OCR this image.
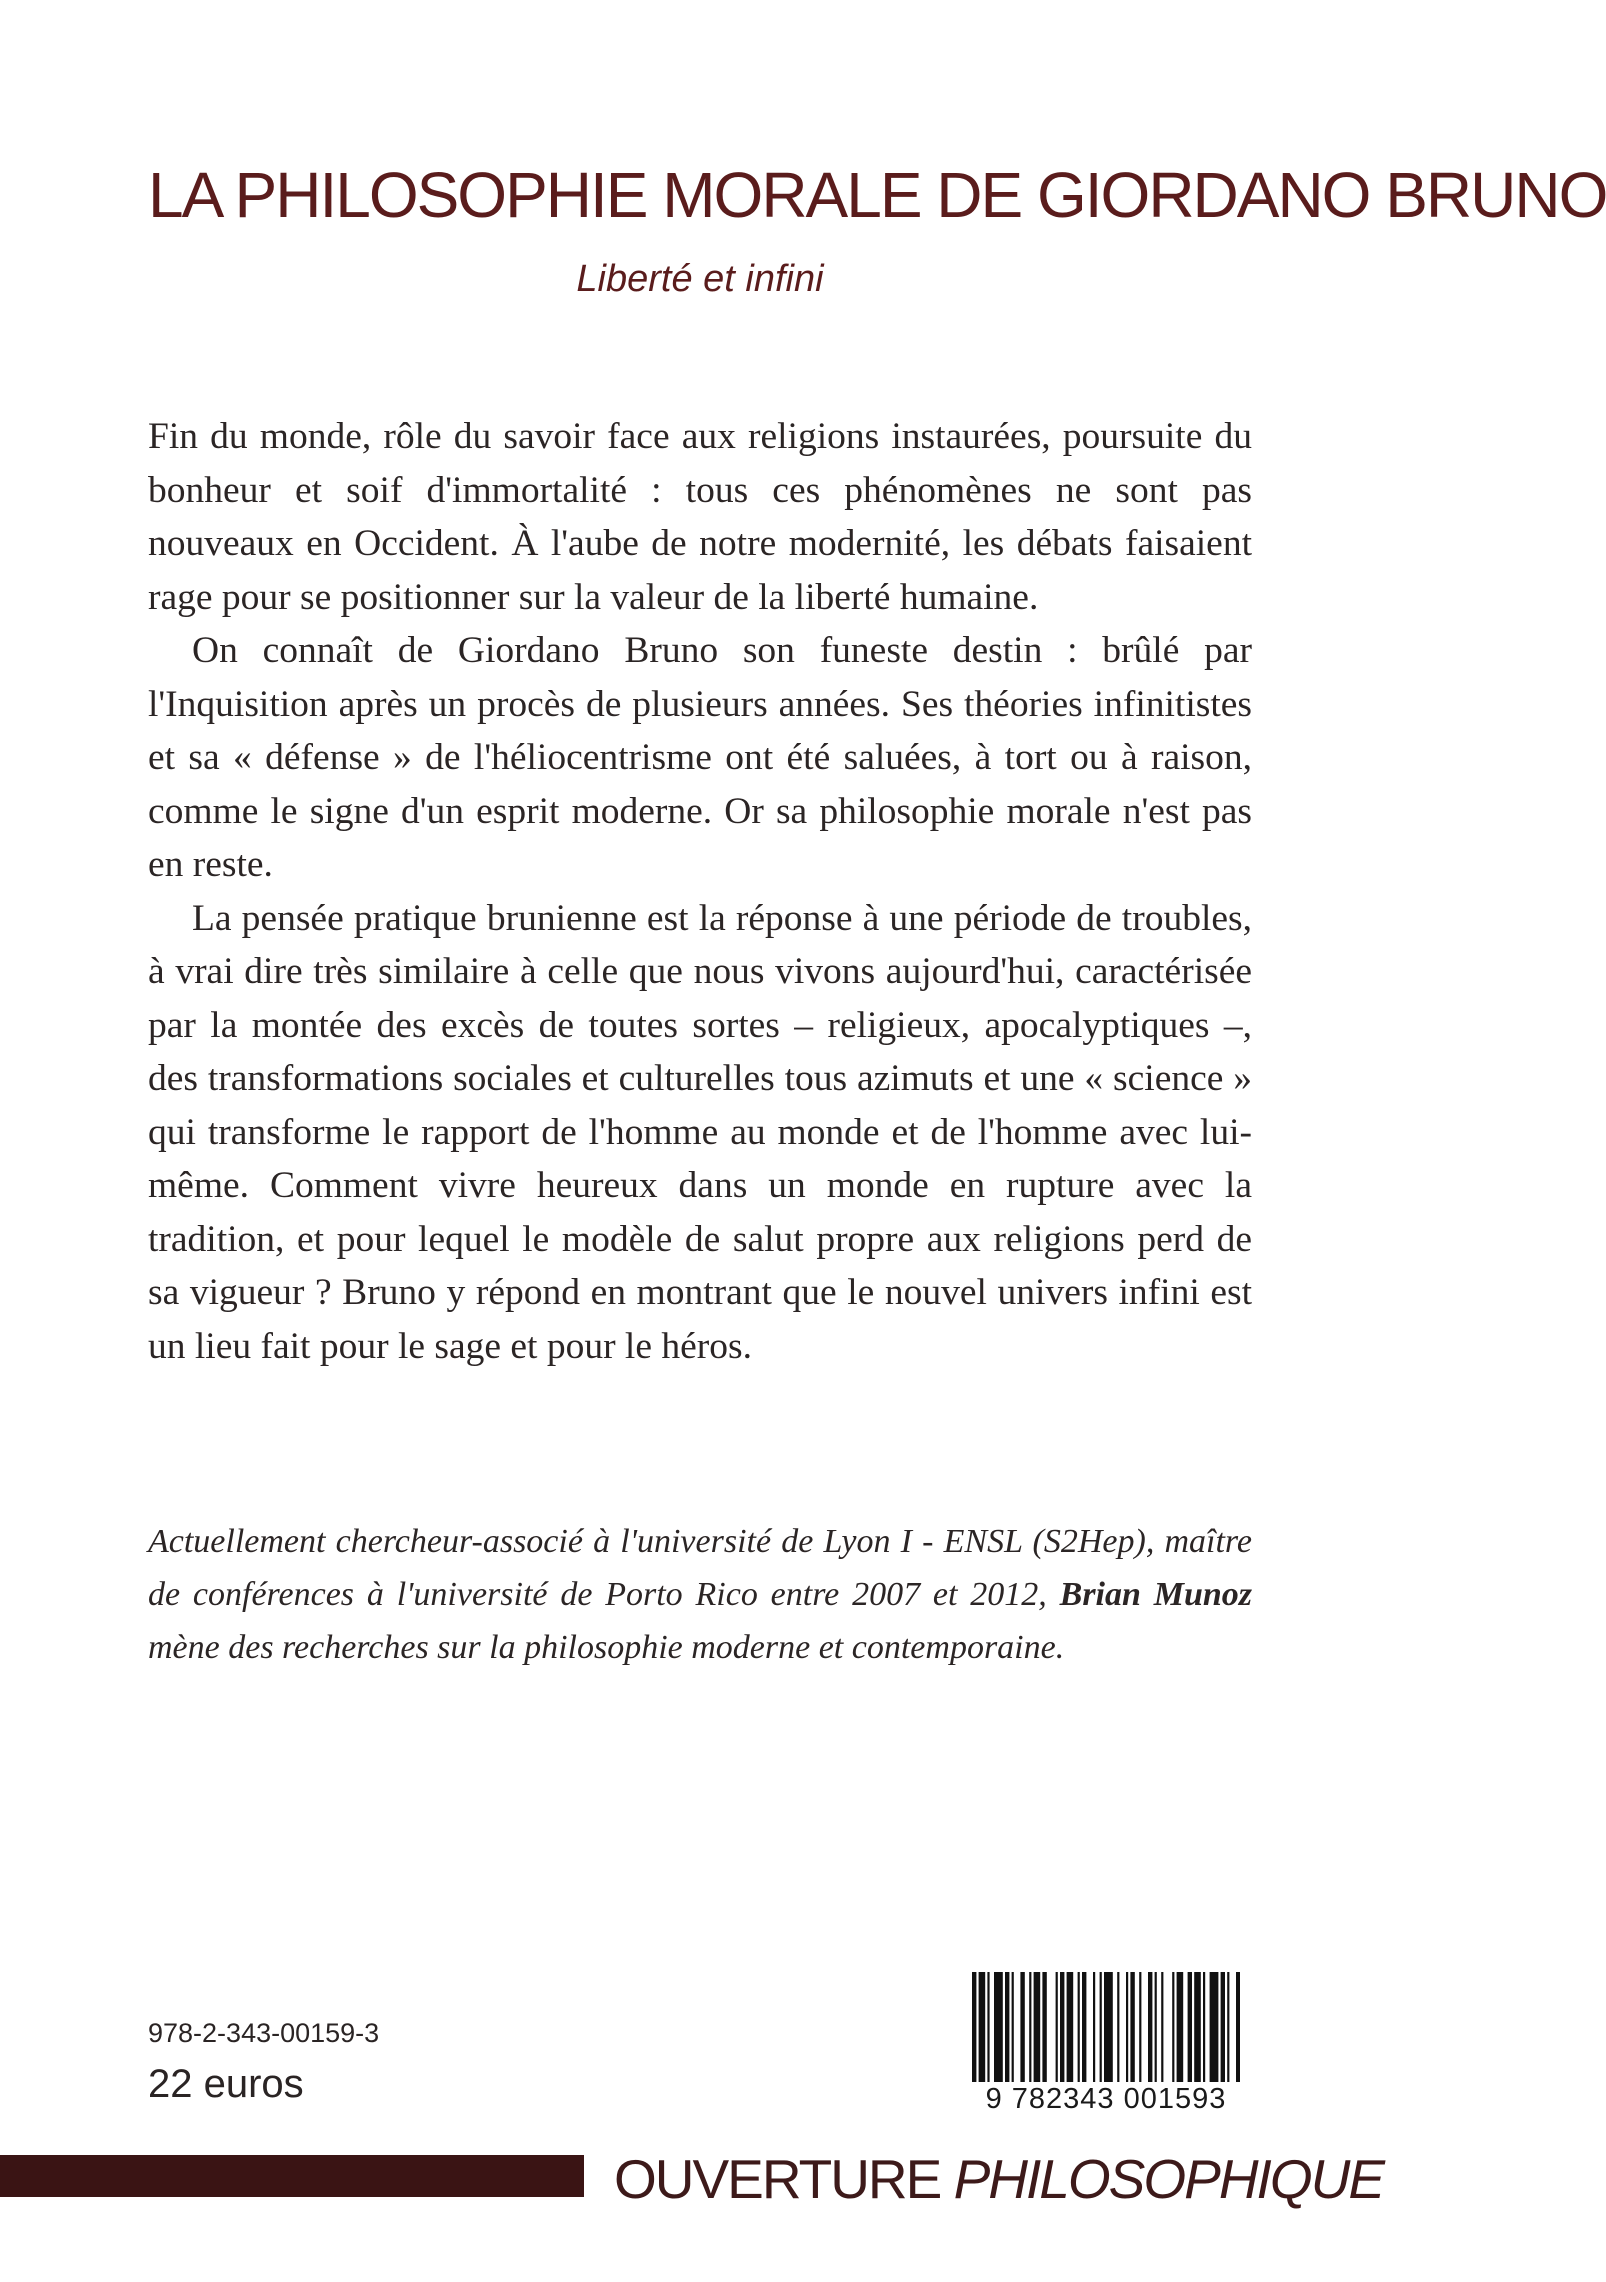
LA PHILOSOPHIE MORALE DE GIORDANO BRUNO
Liberté et infini

Fin du monde, rôle du savoir face aux religions instaurées, poursuite du bonheur et soif d'immortalité : tous ces phénomènes ne sont pas nouveaux en Occident. À l'aube de notre modernité, les débats faisaient rage pour se positionner sur la valeur de la liberté humaine.

On connaît de Giordano Bruno son funeste destin : brûlé par l'Inquisition après un procès de plusieurs années. Ses théories infinitistes et sa « défense » de l'héliocentrisme ont été saluées, à tort ou à raison, comme le signe d'un esprit moderne. Or sa philosophie morale n'est pas en reste.

La pensée pratique brunienne est la réponse à une période de troubles, à vrai dire très similaire à celle que nous vivons aujourd'hui, caractérisée par la montée des excès de toutes sortes – religieux, apocalyptiques –, des transformations sociales et culturelles tous azimuts et une « science » qui transforme le rapport de l'homme au monde et de l'homme avec lui-même. Comment vivre heureux dans un monde en rupture avec la tradition, et pour lequel le modèle de salut propre aux religions perd de sa vigueur ? Bruno y répond en montrant que le nouvel univers infini est un lieu fait pour le sage et pour le héros.

Actuellement chercheur-associé à l'université de Lyon I - ENSL (S2Hep), maître de conférences à l'université de Porto Rico entre 2007 et 2012, Brian Munoz mène des recherches sur la philosophie moderne et contemporaine.

978-2-343-00159-3
22 euros	9 782343 001593
OUVERTURE PHILOSOPHIQUE
